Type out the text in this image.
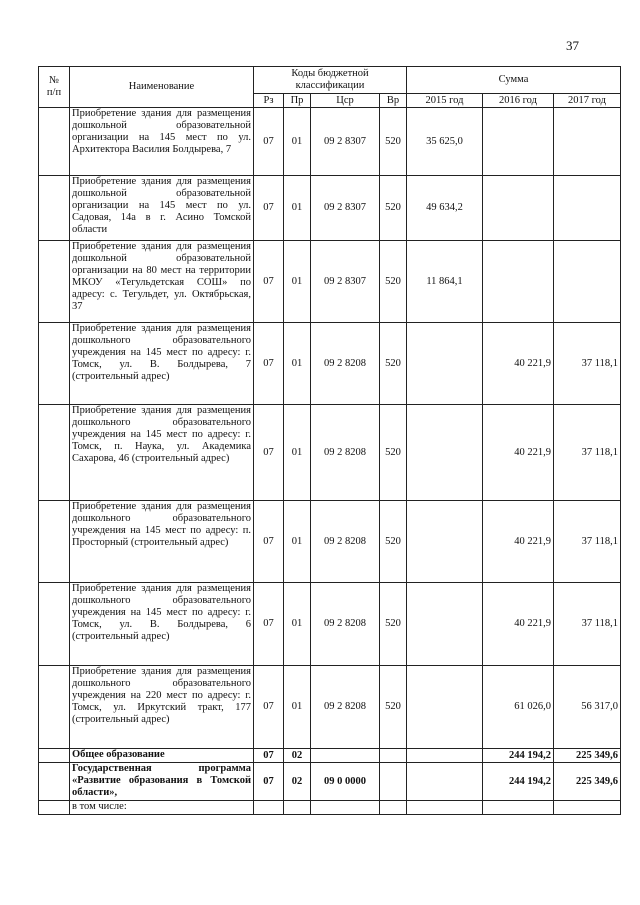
37
№
п/п	Наименование	Коды бюджетной
классификации				Сумма		
		Рз	Пр	Цср	Вр	2015 год	2016 год	2017 год
	Приобретение здания для размещения дошкольной образовательной организации на 145 мест по ул. Архитектора Василия Болдырева, 7	07	01	09 2 8307	520	35 625,0		
	Приобретение здания для размещения дошкольной образовательной организации на 145 мест по ул. Садовая, 14а в г. Асино Томской области	07	01	09 2 8307	520	49 634,2		
	Приобретение здания для размещения дошкольной образовательной организации на 80 мест на территории МКОУ «Тегульдетская СОШ» по адресу: с. Тегульдет, ул. Октябрьская, 37	07	01	09 2 8307	520	11 864,1		
	Приобретение здания для размещения дошкольного образовательного учреждения на 145 мест по адресу: г. Томск, ул. В. Болдырева, 7 (строительный адрес)	07	01	09 2 8208	520		40 221,9	37 118,1
	Приобретение здания для размещения дошкольного образовательного учреждения на 145 мест по адресу: г. Томск, п. Наука, ул. Академика Сахарова, 46 (строительный адрес)	07	01	09 2 8208	520		40 221,9	37 118,1
	Приобретение здания для размещения дошкольного образовательного учреждения на 145 мест по адресу: п. Просторный (строительный адрес)	07	01	09 2 8208	520		40 221,9	37 118,1
	Приобретение здания для размещения дошкольного образовательного учреждения на 145 мест по адресу: г. Томск, ул. В. Болдырева, 6 (строительный адрес)	07	01	09 2 8208	520		40 221,9	37 118,1
	Приобретение здания для размещения дошкольного образовательного учреждения на 220 мест по адресу: г. Томск, ул. Иркутский тракт, 177 (строительный адрес)	07	01	09 2 8208	520		61 026,0	56 317,0
	Общее образование	07	02				244 194,2	225 349,6
	Государственная программа «Развитие образования в Томской области»,	07	02	09 0 0000			244 194,2	225 349,6
	в том числе:							
